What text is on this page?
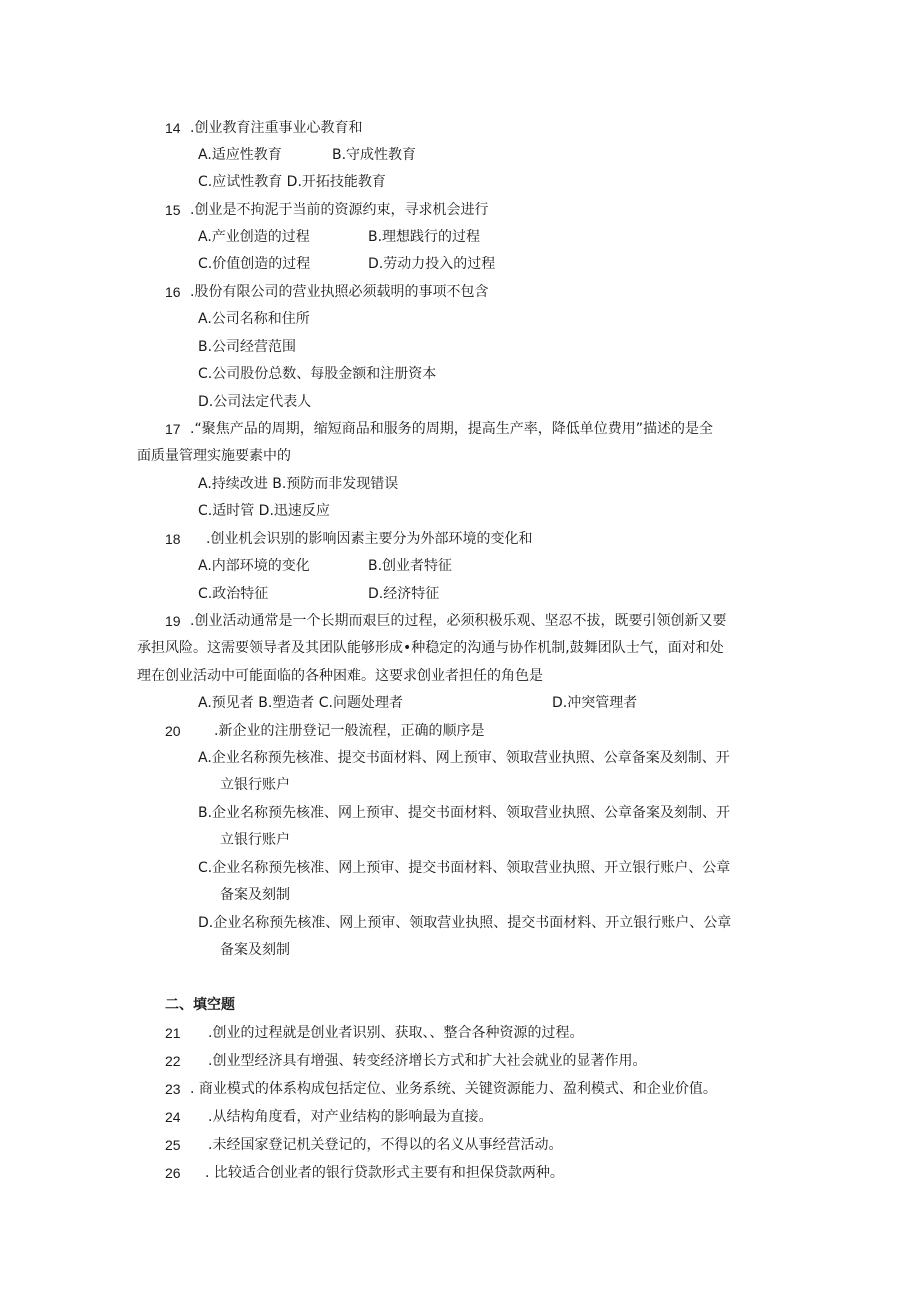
14 .创业教育注重事业心教育和
A.适应性教育	B.守成性教育
C.应试性教育 D.开拓技能教育
15 .创业是不拘泥于当前的资源约束，寻求机会进行
A.产业创造的过程	B.理想践行的过程
C.价值创造的过程	D.劳动力投入的过程
16 .股份有限公司的营业执照必须载明的事项不包含
A.公司名称和住所
B.公司经营范围
C.公司股份总数、每股金额和注册资本
D.公司法定代表人
17 .“聚焦产品的周期，缩短商品和服务的周期，提高生产率，降低单位费用”描述的是全
面质量管理实施要素中的
A.持续改进 B.预防而非发现错误
C.适时管 D.迅速反应
18 .创业机会识别的影响因素主要分为外部环境的变化和
A.内部环境的变化	B.创业者特征
C.政治特征	D.经济特征
19 .创业活动通常是一个长期而艰巨的过程，必须积极乐观、坚忍不拔，既要引领创新又要
承担风险。这需要领导者及其团队能够形成•种稳定的沟通与协作机制,鼓舞团队士气，面对和处
理在创业活动中可能面临的各种困难。这要求创业者担任的角色是
A.预见者 B.塑造者 C.问题处理者	D.冲突管理者
20 .新企业的注册登记一般流程，正确的顺序是
A.企业名称预先核准、提交书面材料、网上预审、领取营业执照、公章备案及刻制、开
立银行账户
B.企业名称预先核准、网上预审、提交书面材料、领取营业执照、公章备案及刻制、开
立银行账户
C.企业名称预先核准、网上预审、提交书面材料、领取营业执照、开立银行账户、公章
备案及刻制
D.企业名称预先核准、网上预审、领取营业执照、提交书面材料、开立银行账户、公章
备案及刻制
二、填空题
21 .创业的过程就是创业者识别、获取、、整合各种资源的过程。
22 .创业型经济具有增强、转变经济增长方式和扩大社会就业的显著作用。
23 . 商业模式的体系构成包括定位、业务系统、关键资源能力、盈利模式、和企业价值。
24 .从结构角度看，对产业结构的影响最为直接。
25 .未经国家登记机关登记的，不得以的名义从事经营活动。
26 . 比较适合创业者的银行贷款形式主要有和担保贷款两种。
